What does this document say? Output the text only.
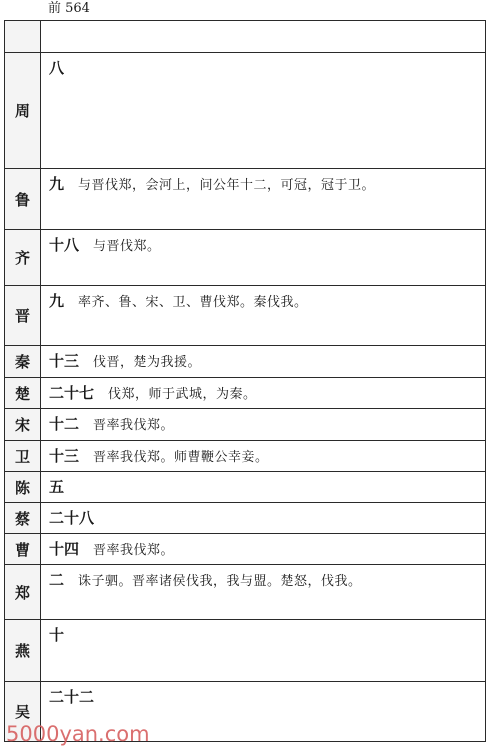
前 564

周	八
鲁	九 与晋伐郑，会河上，问公年十二，可冠，冠于卫。
齐	十八 与晋伐郑。
晋	九 率齐、鲁、宋、卫、曹伐郑。秦伐我。
秦	十三 伐晋，楚为我援。
楚	二十七 伐郑，师于武城，为秦。
宋	十二 晋率我伐郑。
卫	十三 晋率我伐郑。师曹鞭公幸妾。
陈	五
蔡	二十八
曹	十四 晋率我伐郑。
郑	二 诛子驷。晋率诸侯伐我，我与盟。楚怒，伐我。
燕	十
吴	二十二
5000yan.com
